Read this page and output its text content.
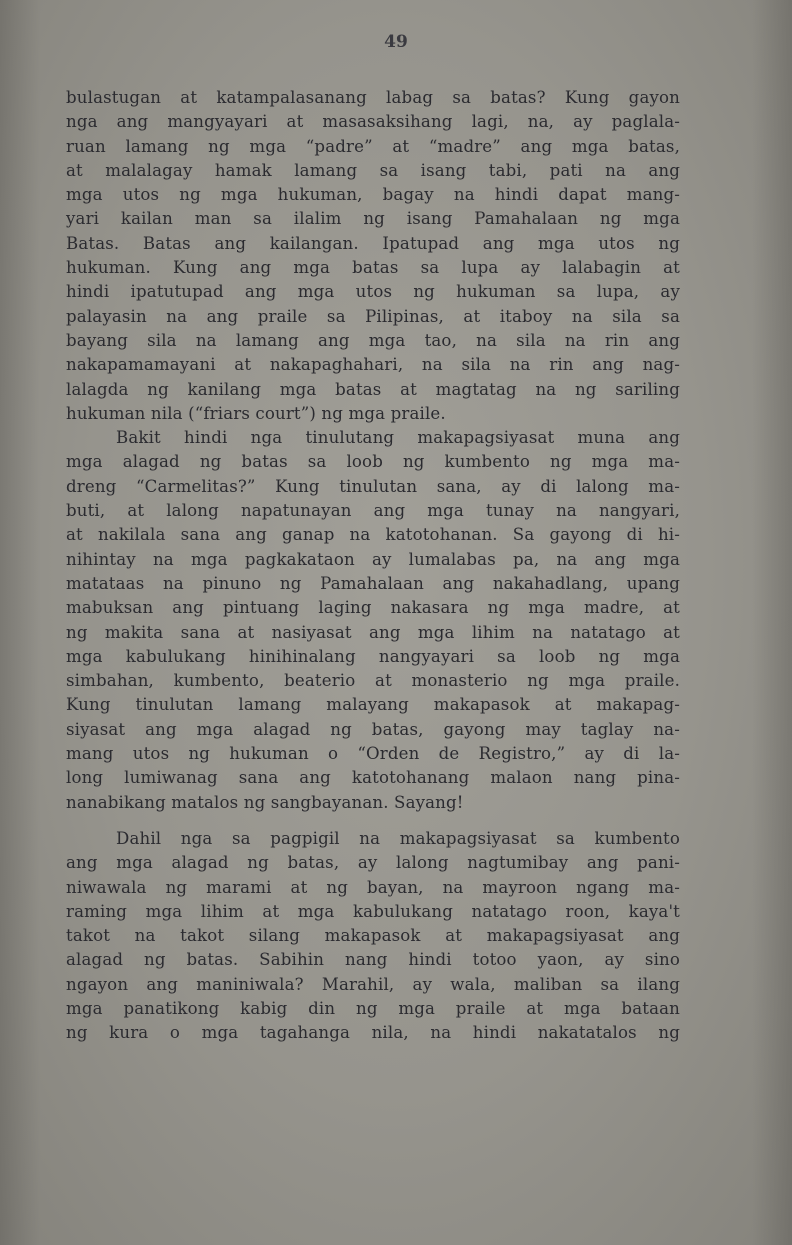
49
bulastugan at katampalasanang labag sa batas? Kung gayon
nga ang mangyayari at masasaksihang lagi, na, ay paglala-
ruan lamang ng mga “padre” at “madre” ang mga batas,
at malalagay hamak lamang sa isang tabi, pati na ang
mga utos ng mga hukuman, bagay na hindi dapat mang-
yari kailan man sa ilalim ng isang Pamahalaan ng mga
Batas. Batas ang kailangan. Ipatupad ang mga utos ng
hukuman. Kung ang mga batas sa lupa ay lalabagin at
hindi ipatutupad ang mga utos ng hukuman sa lupa, ay
palayasin na ang praile sa Pilipinas, at itaboy na sila sa
bayang sila na lamang ang mga tao, na sila na rin ang
nakapamamayani at nakapaghahari, na sila na rin ang nag-
lalagda ng kanilang mga batas at magtatag na ng sariling
hukuman nila (“friars court”) ng mga praile.
Bakit hindi nga tinulutang makapagsiyasat muna ang
mga alagad ng batas sa loob ng kumbento ng mga ma-
dreng “Carmelitas?” Kung tinulutan sana, ay di lalong ma-
buti, at lalong napatunayan ang mga tunay na nangyari,
at nakilala sana ang ganap na katotohanan. Sa gayong di hi-
nihintay na mga pagkakataon ay lumalabas pa, na ang mga
matataas na pinuno ng Pamahalaan ang nakahadlang, upang
mabuksan ang pintuang laging nakasara ng mga madre, at
ng makita sana at nasiyasat ang mga lihim na natatago at
mga kabulukang hinihinalang nangyayari sa loob ng mga
simbahan, kumbento, beaterio at monasterio ng mga praile.
Kung tinulutan lamang malayang makapasok at makapag-
siyasat ang mga alagad ng batas, gayong may taglay na-
mang utos ng hukuman o “Orden de Registro,” ay di la-
long lumiwanag sana ang katotohanang malaon nang pina-
nanabikang matalos ng sangbayanan. Sayang!
Dahil nga sa pagpigil na makapagsiyasat sa kumbento
ang mga alagad ng batas, ay lalong nagtumibay ang pani-
niwawala ng marami at ng bayan, na mayroon ngang ma-
raming mga lihim at mga kabulukang natatago roon, kaya't
takot na takot silang makapasok at makapagsiyasat ang
alagad ng batas. Sabihin nang hindi totoo yaon, ay sino
ngayon ang maniniwala? Marahil, ay wala, maliban sa ilang
mga panatikong kabig din ng mga praile at mga bataan
ng kura o mga tagahanga nila, na hindi nakatatalos ng
